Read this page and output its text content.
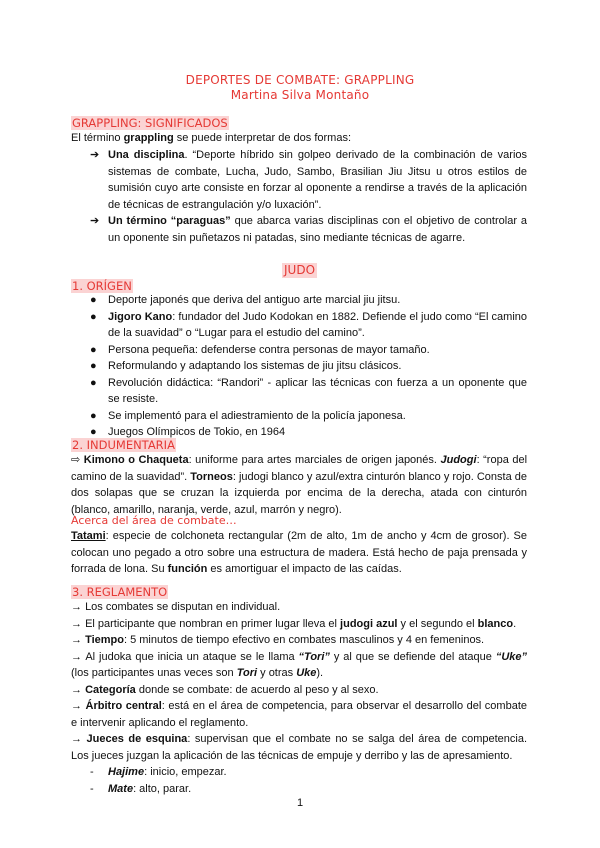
DEPORTES DE COMBATE: GRAPPLING
Martina Silva Montaño
GRAPPLING: SIGNIFICADOS
El término grappling se puede interpretar de dos formas:
➔ Una disciplina. “Deporte híbrido sin golpeo derivado de la combinación de varios sistemas de combate, Lucha, Judo, Sambo, Brasilian Jiu Jitsu u otros estilos de sumisión cuyo arte consiste en forzar al oponente a rendirse a través de la aplicación de técnicas de estrangulación y/o luxación”.
➔ Un término “paraguas” que abarca varias disciplinas con el objetivo de controlar a un oponente sin puñetazos ni patadas, sino mediante técnicas de agarre.
JUDO
1. ORÍGEN
● Deporte japonés que deriva del antiguo arte marcial jiu jitsu.
● Jigoro Kano: fundador del Judo Kodokan en 1882. Defiende el judo como “El camino de la suavidad” o “Lugar para el estudio del camino”.
● Persona pequeña: defenderse contra personas de mayor tamaño.
● Reformulando y adaptando los sistemas de jiu jitsu clásicos.
● Revolución didáctica: “Randori” - aplicar las técnicas con fuerza a un oponente que se resiste.
● Se implementó para el adiestramiento de la policía japonesa.
● Juegos Olímpicos de Tokio, en 1964
2. INDUMENTARIA
⇨ Kimono o Chaqueta: uniforme para artes marciales de origen japonés. Judogi: “ropa del camino de la suavidad”. Torneos: judogi blanco y azul/extra cinturón blanco y rojo. Consta de dos solapas que se cruzan la izquierda por encima de la derecha, atada con cinturón (blanco, amarillo, naranja, verde, azul, marrón y negro).
Acerca del área de combate…
Tatami: especie de colchoneta rectangular (2m de alto, 1m de ancho y 4cm de grosor). Se colocan uno pegado a otro sobre una estructura de madera. Está hecho de paja prensada y forrada de lona. Su función es amortiguar el impacto de las caídas.
3. REGLAMENTO
→ Los combates se disputan en individual.
→ El participante que nombran en primer lugar lleva el judogi azul y el segundo el blanco.
→ Tiempo: 5 minutos de tiempo efectivo en combates masculinos y 4 en femeninos.
→ Al judoka que inicia un ataque se le llama “Tori” y al que se defiende del ataque “Uke” (los participantes unas veces son Tori y otras Uke).
→ Categoría donde se combate: de acuerdo al peso y al sexo.
→ Árbitro central: está en el área de competencia, para observar el desarrollo del combate e intervenir aplicando el reglamento.
→ Jueces de esquina: supervisan que el combate no se salga del área de competencia. Los jueces juzgan la aplicación de las técnicas de empuje y derribo y las de apresamiento.
- Hajime: inicio, empezar.
- Mate: alto, parar.
1
